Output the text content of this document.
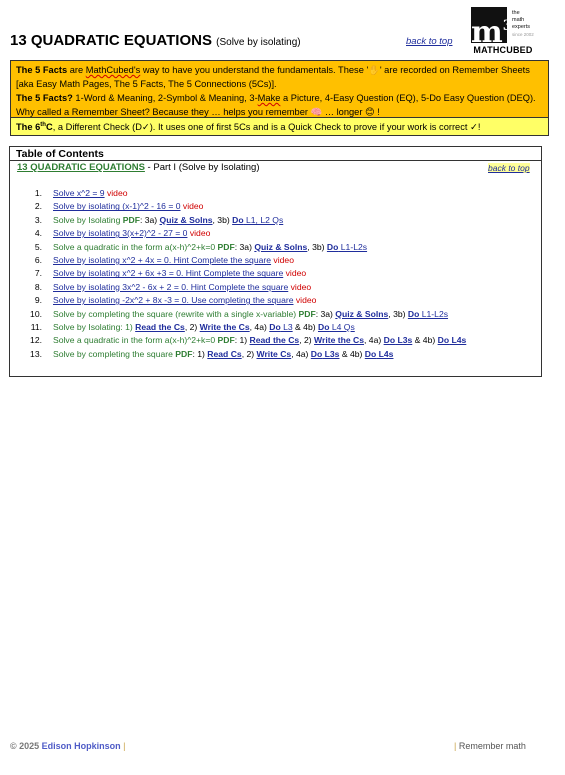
13 QUADRATIC EQUATIONS (Solve by isolating)	back to top $m^3$
the
math
experts
since 2002
MATHCUBED

The 5 Facts are MathCubed's way to have you understand the fundamentals. These '✋' are recorded on Remember Sheets [aka Easy Math Pages, The 5 Facts, The 5 Connections (5Cs)].

The 5 Facts? 1-Word & Meaning, 2-Symbol & Meaning, 3-Make a Picture, 4-Easy Question (EQ), 5-Do Easy Question (DEQ). Why called a Remember Sheet? Because they … helps you remember 🧠 … longer 😊 !

The 6thC, a Different Check (D✓). It uses one of first 5Cs and is a Quick Check to prove if your work is correct ✓!
Table of Contents
13 QUADRATIC EQUATIONS - Part I (Solve by Isolating)	back to top
1. Solve x^2 = 9 video
2. Solve by isolating (x-1)^2 - 16 = 0 video
3. Solve by Isolating PDF: 3a) Quiz & Solns, 3b) Do L1, L2 Qs
4. Solve by isolating 3(x+2)^2 - 27 = 0 video
5. Solve a quadratic in the form a(x-h)^2+k=0 PDF: 3a) Quiz & Solns, 3b) Do L1-L2s
6. Solve by isolating x^2 + 4x = 0. Hint Complete the square video
7. Solve by isolating x^2 + 6x +3 = 0. Hint Complete the square video
8. Solve by isolating 3x^2 - 6x + 2 = 0. Hint Complete the square video
9. Solve by isolating -2x^2 + 8x -3 = 0. Use completing the square video
10. Solve by completing the square (rewrite with a single x-variable) PDF: 3a) Quiz & Solns, 3b) Do L1-L2s
11. Solve by Isolating: 1) Read the Cs, 2) Write the Cs, 4a) Do L3 & 4b) Do L4 Qs
12. Solve a quadratic in the form a(x-h)^2+k=0 PDF: 1) Read the Cs, 2) Write the Cs, 4a) Do L3s & 4b) Do L4s
13. Solve by completing the square PDF: 1) Read Cs, 2) Write Cs, 4a) Do L3s & 4b) Do L4s
© 2025 Edison Hopkinson |	| Remember math
